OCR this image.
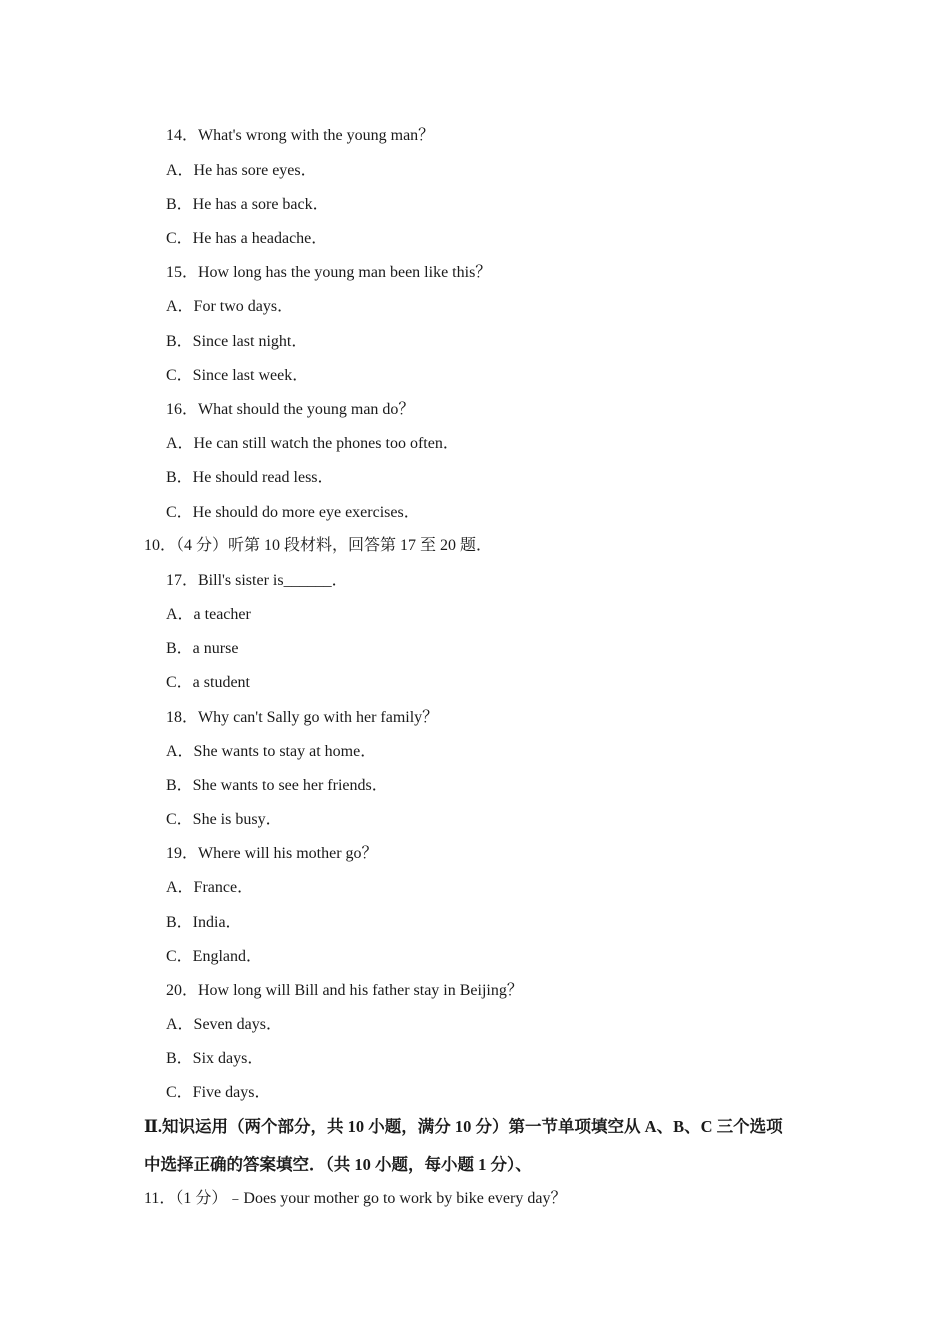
14．What's wrong with the young man？
A．He has sore eyes．
B．He has a sore back．
C．He has a headache．
15．How long has the young man been like this？
A．For two days．
B．Since last night．
C．Since last week．
16．What should the young man do？
A．He can still watch the phones too often．
B．He should read less．
C．He should do more eye exercises．
10．（4 分）听第 10 段材料，回答第 17 至 20 题．
17．Bill's sister is______．
A．a teacher
B．a nurse
C．a student
18．Why can't Sally go with her family？
A．She wants to stay at home．
B．She wants to see her friends．
C．She is busy．
19．Where will his mother go？
A．France．
B．India．
C．England．
20．How long will Bill and his father stay in Beijing？
A．Seven days．
B．Six days．
C．Five days．
Ⅱ.知识运用（两个部分，共 10 小题，满分 10 分）第一节单项填空从 A、B、C 三个选项
中选择正确的答案填空．（共 10 小题，每小题 1 分）、
11．（1 分）﹣Does your mother go to work by bike every day？
